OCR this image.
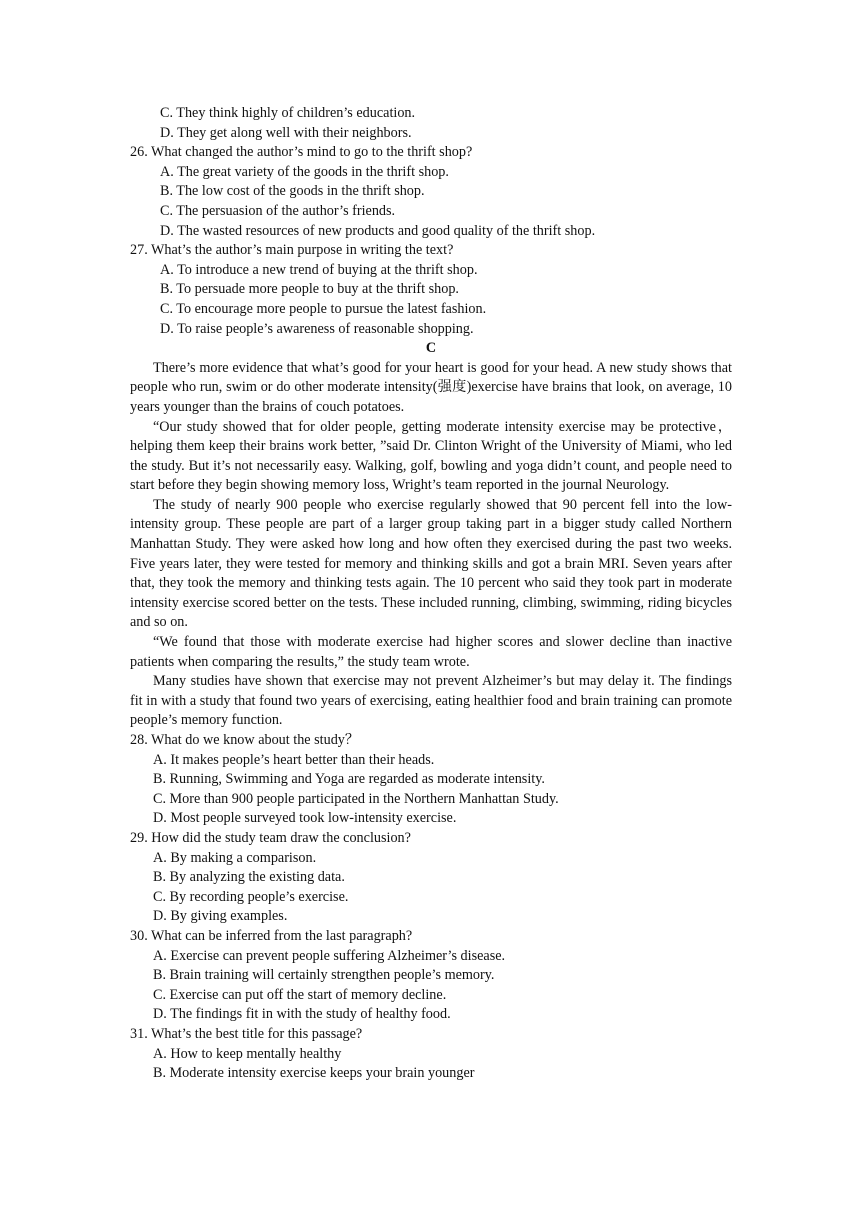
C. They think highly of children’s education.

D. They get along well with their neighbors.

26. What changed the author’s mind to go to the thrift shop?

A. The great variety of the goods in the thrift shop.

B. The low cost of the goods in the thrift shop.

C. The persuasion of the author’s friends.

D. The wasted resources of new products and good quality of the thrift shop.

27. What’s the author’s main purpose in writing the text?

A. To introduce a new trend of buying at the thrift shop.

B. To persuade more people to buy at the thrift shop.

C. To encourage more people to pursue the latest fashion.

D. To raise people’s awareness of reasonable shopping.

C

There’s more evidence that what’s good for your heart is good for your head. A new study shows that people who run, swim or do other moderate intensity(强度)exercise have brains that look, on average, 10 years younger than the brains of couch potatoes.

“Our study showed that for older people, getting moderate intensity exercise may be protective，helping them keep their brains work better, ”said Dr. Clinton Wright of the University of Miami, who led the study. But it’s not necessarily easy. Walking, golf, bowling and yoga didn’t count, and people need to start before they begin showing memory loss, Wright’s team reported in the journal Neurology.

The study of nearly 900 people who exercise regularly showed that 90 percent fell into the low-intensity group. These people are part of a larger group taking part in a bigger study called Northern Manhattan Study. They were asked how long and how often they exercised during the past two weeks. Five years later, they were tested for memory and thinking skills and got a brain MRI. Seven years after that, they took the memory and thinking tests again. The 10 percent who said they took part in moderate intensity exercise scored better on the tests. These included running, climbing, swimming, riding bicycles and so on.

“We found that those with moderate exercise had higher scores and slower decline than inactive patients when comparing the results,” the study team wrote.

Many studies have shown that exercise may not prevent Alzheimer’s but may delay it. The findings fit in with a study that found two years of exercising, eating healthier food and brain training can promote people’s memory function.

28. What do we know about the study？

A. It makes people’s heart better than their heads.

B. Running, Swimming and Yoga are regarded as moderate intensity.

C. More than 900 people participated in the Northern Manhattan Study.

D. Most people surveyed took low-intensity exercise.

29. How did the study team draw the conclusion?

A. By making a comparison.

B. By analyzing the existing data.

C. By recording people’s exercise.

D. By giving examples.

30. What can be inferred from the last paragraph?

A. Exercise can prevent people suffering Alzheimer’s disease.

B. Brain training will certainly strengthen people’s memory.

C. Exercise can put off the start of memory decline.

D. The findings fit in with the study of healthy food.

31. What’s the best title for this passage?

A. How to keep mentally healthy

B. Moderate intensity exercise keeps your brain younger
